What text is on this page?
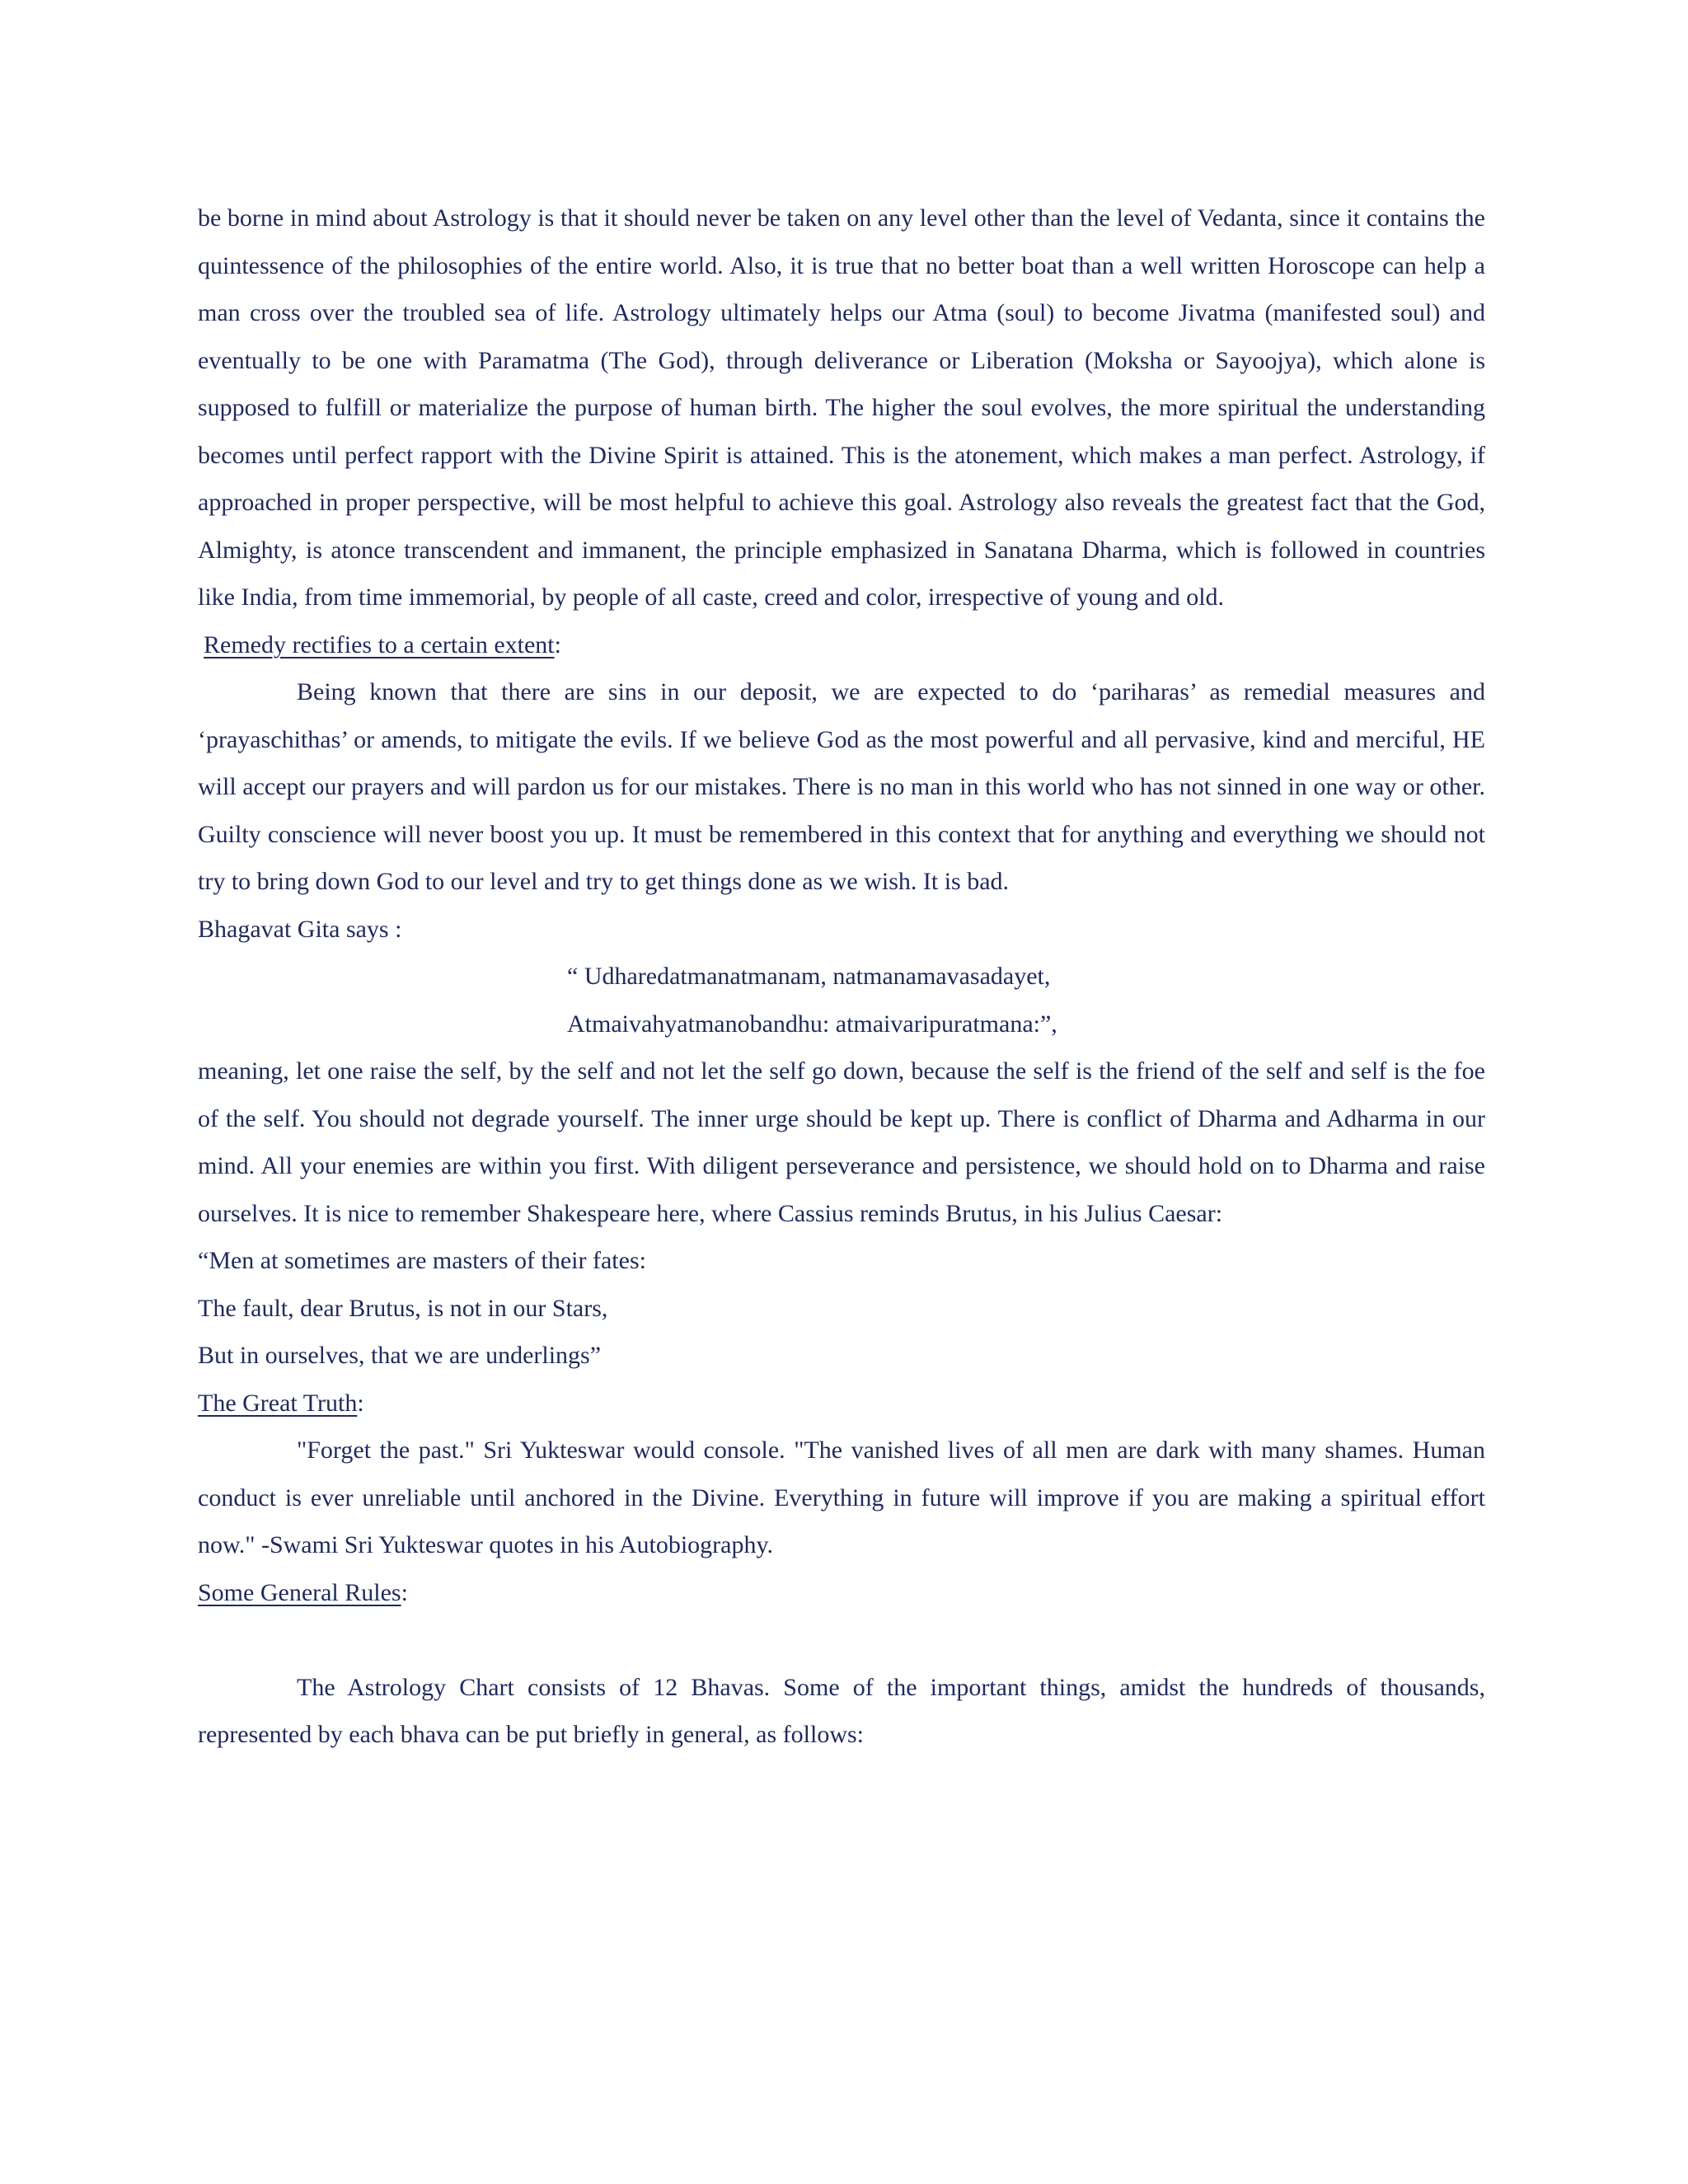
be borne in mind about Astrology is that it should never be taken on any level other than the level of Vedanta, since it contains the quintessence of the philosophies of the entire world. Also, it is true that no better boat than a well written Horoscope can help a man cross over the troubled sea of life. Astrology ultimately helps our Atma (soul) to become Jivatma (manifested soul) and eventually to be one with Paramatma (The God), through deliverance or Liberation (Moksha or Sayoojya), which alone is supposed to fulfill or materialize the purpose of human birth. The higher the soul evolves, the more spiritual the understanding becomes until perfect rapport with the Divine Spirit is attained. This is the atonement, which makes a man perfect. Astrology, if approached in proper perspective, will be most helpful to achieve this goal. Astrology also reveals the greatest fact that the God, Almighty, is atonce transcendent and immanent, the principle emphasized in Sanatana Dharma, which is followed in countries like India, from time immemorial, by people of all caste, creed and color, irrespective of young and old.

Remedy rectifies to a certain extent:

Being known that there are sins in our deposit, we are expected to do ‘pariharas’ as remedial measures and ‘prayaschithas’ or amends, to mitigate the evils. If we believe God as the most powerful and all pervasive, kind and merciful, HE will accept our prayers and will pardon us for our mistakes. There is no man in this world who has not sinned in one way or other. Guilty conscience will never boost you up. It must be remembered in this context that for anything and everything we should not try to bring down God to our level and try to get things done as we wish. It is bad.

Bhagavat Gita says :

“ Udharedatmanatmanam, natmanamavasadayet,

Atmaivahyatmanobandhu: atmaivaripuratmana:”,

meaning, let one raise the self, by the self and not let the self go down, because the self is the friend of the self and self is the foe of the self. You should not degrade yourself. The inner urge should be kept up. There is conflict of Dharma and Adharma in our mind. All your enemies are within you first. With diligent perseverance and persistence, we should hold on to Dharma and raise ourselves. It is nice to remember Shakespeare here, where Cassius reminds Brutus, in his Julius Caesar:

“Men at sometimes are masters of their fates:

The fault, dear Brutus, is not in our Stars,

But in ourselves, that we are underlings”

The Great Truth:

"Forget the past." Sri Yukteswar would console. "The vanished lives of all men are dark with many shames. Human conduct is ever unreliable until anchored in the Divine. Everything in future will improve if you are making a spiritual effort now." -Swami Sri Yukteswar quotes in his Autobiography.

Some General Rules:

The Astrology Chart consists of 12 Bhavas. Some of the important things, amidst the hundreds of thousands, represented by each bhava can be put briefly in general, as follows:
